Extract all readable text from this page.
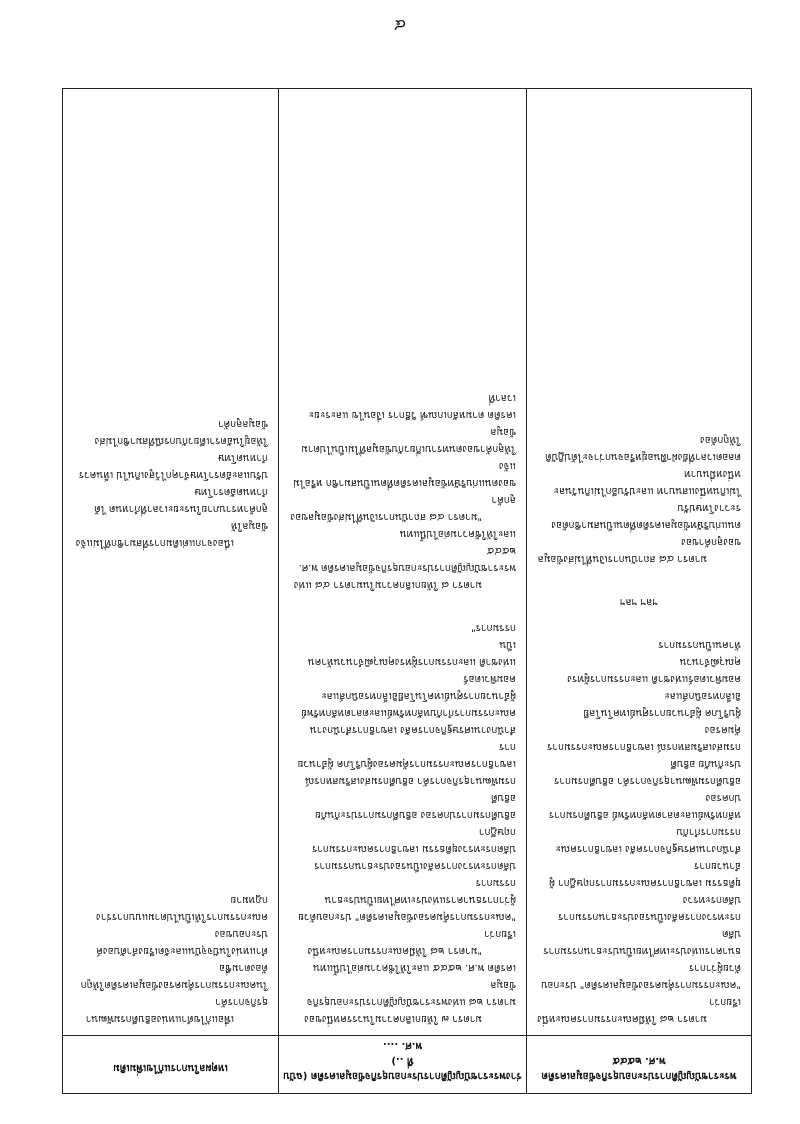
๔
พระราชบัญญัติการประกอบธุรกิจข้อมูลเครดิต
พ.ศ. ๒๕๔๕

มาตรา ๒๘ ให้มีคณะกรรมการคณะหนึ่งเรียกว่า

"คณะกรรมการคุ้มครองข้อมูลเครดิต" ประกอบด้วยผู้ว่าการ

ธนาคารแห่งประเทศไทยเป็นประธานกรรมการ ปลัด

กระทรวงการคลังเป็นรองประธานกรรมการ ปลัดกระทรวง

ยุติธรรม เลขาธิการคณะกรรมการกฤษฎีกา ผู้อำนวยการ

สำนักงานเศรษฐกิจการคลัง เลขาธิการคณะกรรมการกำกับ

หลักทรัพย์และตลาดหลักทรัพย์ อธิบดีกรมการปกครอง

อธิบดีกรมพัฒนาธุรกิจการค้า อธิบดีกรมการประกันภัย อธิบดี

กรมส่งเสริมสหกรณ์ เลขาธิการคณะกรรมการคุ้มครอง

ผู้บริโภค ผู้อำนวยการศูนย์เทคโนโลยีอิเล็กทรอนิกส์และ

คอมพิวเตอร์แห่งชาติ และกรรมการผู้ทรงคุณวุฒิจำนวน

ห้าคนเป็นกรรมการ

ฯลฯ ฯลฯ

มาตรา ๔๘ สถาบันการเงินที่ไม่ส่งข้อมูลของลูกค้าของ

ตนแก่บริษัทข้อมูลเครดิตที่ตนเป็นสมาชิกต้องระวางโทษปรับ

ไม่เกินหนึ่งแสนบาท และปรับอีกไม่เกินวันละหนึ่งหมื่นบาท

ตลอดเวลาที่ยังฝ่าฝืนอยู่หรือจนกว่าจะได้ปฏิบัติให้ถูกต้อง

ร่างพระราชบัญญัติการประกอบธุรกิจข้อมูลเครดิต (ฉบับที่ ..)
พ.ศ. ....

มาตรา ๗ ให้ยกเลิกความในวรรคหนึ่งของ

มาตรา ๒๘ แห่งพระราชบัญญัติการประกอบธุรกิจข้อมูล

เครดิต พ.ศ. ๒๕๔๕ และให้ใช้ความต่อไปนี้แทน

"มาตรา ๒๘ ให้มีคณะกรรมการคณะหนึ่งเรียกว่า

"คณะกรรมการคุ้มครองข้อมูลเครดิต" ประกอบด้วย

ผู้ว่าการธนาคารแห่งประเทศไทยเป็นประธานกรรมการ

ปลัดกระทรวงการคลังเป็นรองประธานกรรมการ

ปลัดกระทรวงยุติธรรม เลขาธิการคณะกรรมการกฤษฎีกา

อธิบดีกรมการปกครอง อธิบดีกรมการประกันภัย อธิบดี

กรมพัฒนาธุรกิจการค้า อธิบดีกรมส่งเสริมสหกรณ์

เลขาธิการคณะกรรมการคุ้มครองผู้บริโภค ผู้อำนวยการ

สำนักงานเศรษฐกิจการคลัง เลขาธิการสำนักงาน

คณะกรรมการกำกับหลักทรัพย์และตลาดหลักทรัพย์

ผู้อำนวยการศูนย์เทคโนโลยีอิเล็กทรอนิกส์และคอมพิวเตอร์

แห่งชาติ และกรรมการผู้ทรงคุณวุฒิจำนวนห้าคน เป็น

กรรมการ"

มาตรา ๘ ให้ยกเลิกความในมาตรา ๔๘ แห่ง

พระราชบัญญัติการประกอบธุรกิจข้อมูลเครดิต พ.ศ. ๒๕๔๕

และให้ใช้ความต่อไปนี้แทน

"มาตรา ๔๘ สถาบันการเงินที่ไม่ส่งข้อมูลของลูกค้า

ของตนแก่บริษัทข้อมูลเครดิตที่ตนเป็นสมาชิก หรือไม่แจ้ง

ให้ลูกค้าของตนทราบเกี่ยวกับข้อมูลที่ไม่เป็นไปตามข้อมูล

เครดิต ตามหลักเกณฑ์ วิธีการ เงื่อนไข และระยะเวลาที่

เหตุผลในการแก้ไขเพิ่มเติม

เพื่อแก้ไขตำแหน่งอธิบดีกรมพัฒนาธุรกิจการค้า

ในคณะกรรมการคุ้มครองข้อมูลเครดิตให้ถูกต้องตามชื่อ

ตำแหน่งในปัจจุบันและจัดเรียงลำดับองค์ประกอบของ

คณะกรรมการให้เป็นไปตามแบบการร่างกฎหมาย

เนื่องจากแต่เดิมการที่สมาชิกที่ไม่แจ้งข้อมูลให้

ลูกค้าทราบภายในระยะเวลาที่กำหนด ได้กำหนดอัตราโทษ

ปรับและอัตราโทษจำคุกไว้สูงเกินไป เห็นควรกำหนดโทษ

ให้อยู่ในอัตราเดียวกับกรณีที่สมาชิกไม่ส่งข้อมูลลูกค้า
